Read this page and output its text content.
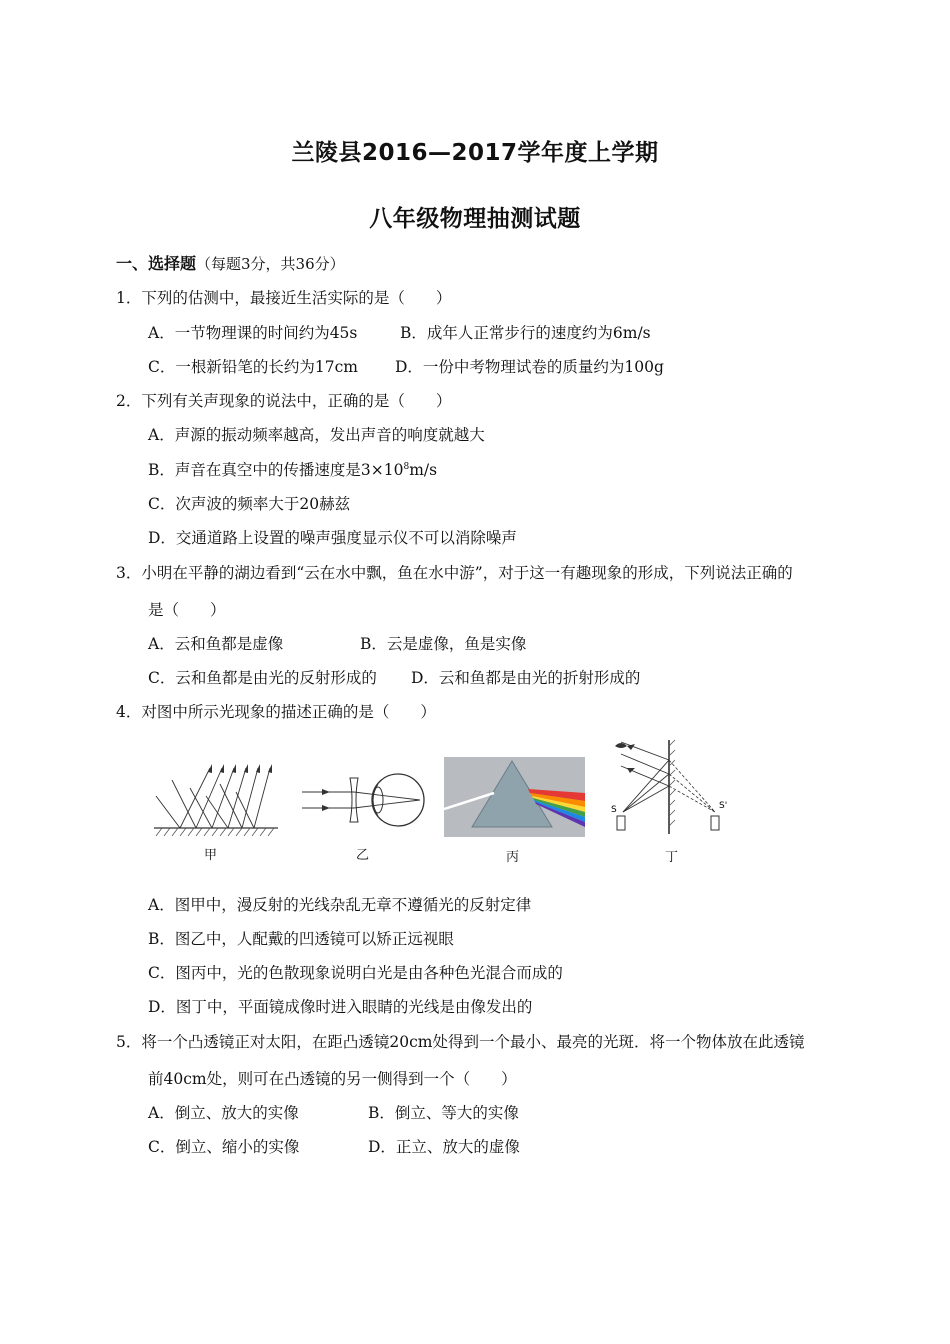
兰陵县2016—2017学年度上学期
八年级物理抽测试题
一、选择题（每题3分，共36分）
1．下列的估测中，最接近生活实际的是（　　）
A．一节物理课的时间约为45s	B．成年人正常步行的速度约为6m/s
C．一根新铅笔的长约为17cm D．一份中考物理试卷的质量约为100g
2．下列有关声现象的说法中，正确的是（　　）
A．声源的振动频率越高，发出声音的响度就越大
B．声音在真空中的传播速度是$3\times 10^8m/s$
C．次声波的频率大于20赫兹
D．交通道路上设置的噪声强度显示仪不可以消除噪声
3．小明在平静的湖边看到“云在水中飘，鱼在水中游”，对于这一有趣现象的形成，下列说法正确的
是（　　）
A．云和鱼都是虚像	B．云是虚像，鱼是实像
C．云和鱼都是由光的反射形成的 D．云和鱼都是由光的折射形成的
4．对图中所示光现象的描述正确的是（　　）
甲	乙	丙
S	S'
丁
A．图甲中，漫反射的光线杂乱无章不遵循光的反射定律
B．图乙中，人配戴的凹透镜可以矫正远视眼
C．图丙中，光的色散现象说明白光是由各种色光混合而成的
D．图丁中，平面镜成像时进入眼睛的光线是由像发出的
5．将一个凸透镜正对太阳，在距凸透镜20cm处得到一个最小、最亮的光斑．将一个物体放在此透镜
前40cm处，则可在凸透镜的另一侧得到一个（　　）
A．倒立、放大的实像	B．倒立、等大的实像
C．倒立、缩小的实像	D．正立、放大的虚像
